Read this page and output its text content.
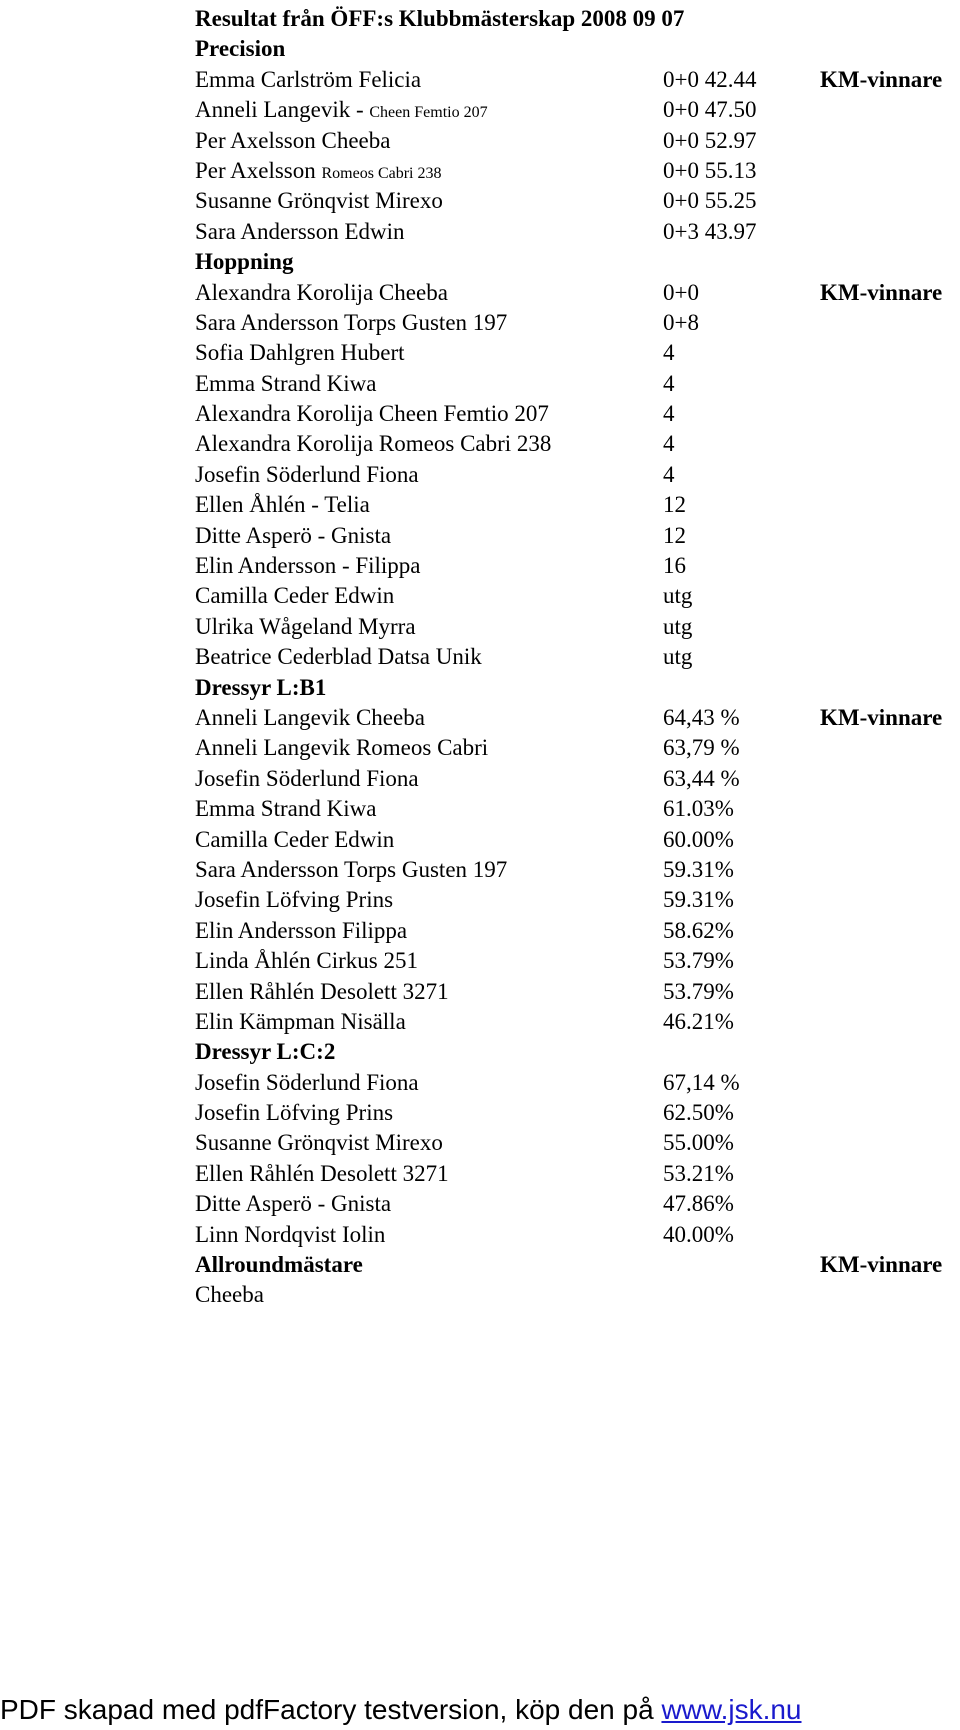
Resultat från ÖFF:s Klubbmästerskap 2008 09 07
Precision
Emma Carlström Felicia	0+0 42.44	KM-vinnare
Anneli Langevik - Cheen Femtio 207	0+0 47.50
Per Axelsson Cheeba	0+0 52.97
Per Axelsson Romeos Cabri 238	0+0 55.13
Susanne Grönqvist Mirexo	0+0 55.25
Sara Andersson Edwin	0+3 43.97
Hoppning
Alexandra Korolija Cheeba	0+0	KM-vinnare
Sara Andersson Torps Gusten 197	0+8
Sofia Dahlgren Hubert	4
Emma Strand Kiwa	4
Alexandra Korolija Cheen Femtio 207	4
Alexandra Korolija Romeos Cabri 238	4
Josefin Söderlund Fiona	4
Ellen Åhlén - Telia	12
Ditte Asperö - Gnista	12
Elin Andersson - Filippa	16
Camilla Ceder Edwin	utg
Ulrika Wågeland Myrra	utg
Beatrice Cederblad Datsa Unik	utg
Dressyr L:B1
Anneli Langevik Cheeba	64,43 %	KM-vinnare
Anneli Langevik Romeos Cabri	63,79 %
Josefin Söderlund Fiona	63,44 %
Emma Strand Kiwa	61.03%
Camilla Ceder Edwin	60.00%
Sara Andersson Torps Gusten 197	59.31%
Josefin Löfving Prins	59.31%
Elin Andersson Filippa	58.62%
Linda Åhlén Cirkus 251	53.79%
Ellen Råhlén Desolett 3271	53.79%
Elin Kämpman Nisälla	46.21%
Dressyr L:C:2
Josefin Söderlund Fiona	67,14 %
Josefin Löfving Prins	62.50%
Susanne Grönqvist Mirexo	55.00%
Ellen Råhlén Desolett 3271	53.21%
Ditte Asperö - Gnista	47.86%
Linn Nordqvist Iolin	40.00%
Allroundmästare	KM-vinnare
Cheeba
PDF skapad med pdfFactory testversion, köp den på www.jsk.nu
